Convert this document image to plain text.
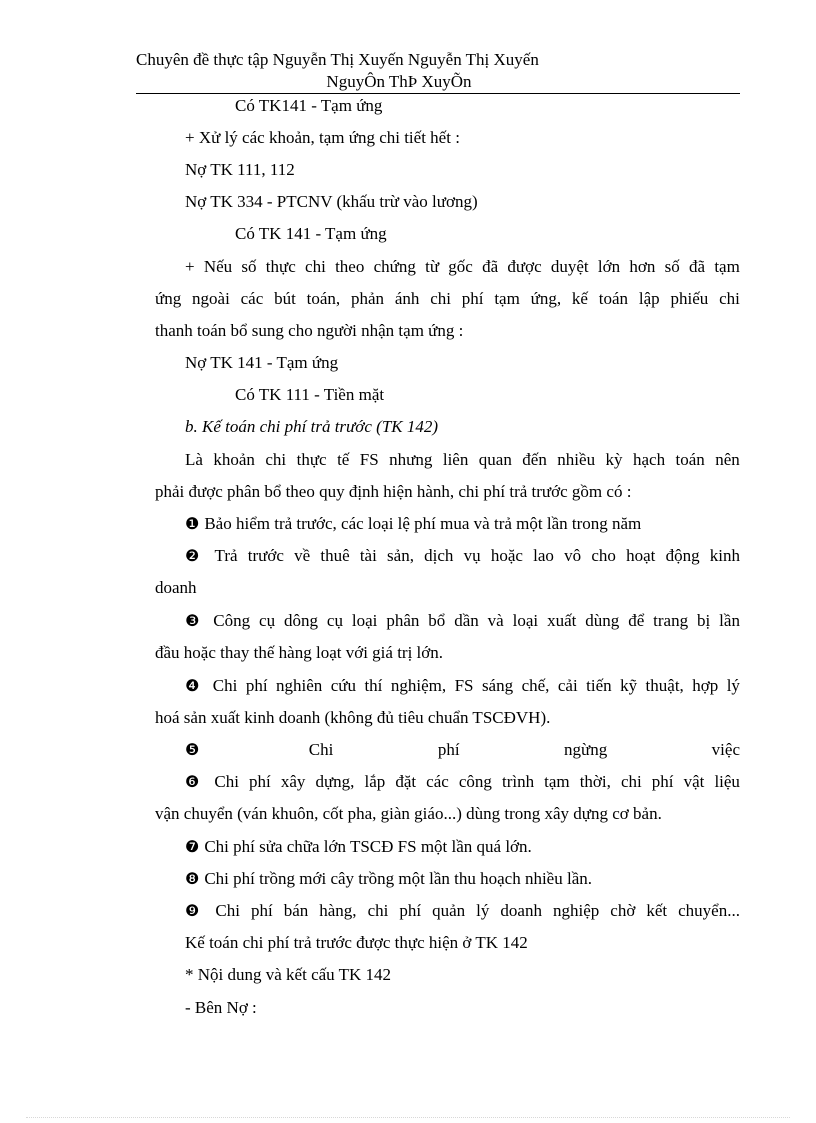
Chuyên đề thực tập Nguyễn Thị Xuyến Nguyễn Thị Xuyến
NguyÔn ThÞ XuyÕn
Có TK141 - Tạm ứng
+ Xử lý các khoản, tạm ứng chi tiết hết :
Nợ TK 111, 112
Nợ TK 334 - PTCNV (khấu trừ vào lương)
Có TK 141 - Tạm ứng
+ Nếu số thực chi theo chứng từ gốc đã được duyệt lớn hơn số đã tạm
ứng ngoài các bút toán, phản ánh chi phí tạm ứng, kế toán lập phiếu chi
thanh toán bổ sung cho người nhận tạm ứng :
Nợ TK 141 - Tạm ứng
Có TK 111 - Tiền mặt
b. Kế toán chi phí trả trước (TK 142)
Là khoản chi thực tế FS nhưng liên quan đến nhiều kỳ hạch toán nên
phải được phân bổ theo quy định hiện hành, chi phí trả trước gồm có :
❶ Bảo hiểm trả trước, các loại lệ phí mua và trả một lần trong năm
❷ Trả trước về thuê tài sản, dịch vụ hoặc lao vô cho hoạt động kinh
doanh
❸ Công cụ dông cụ loại phân bổ dần và loại xuất dùng để trang bị lần
đầu hoặc thay thế hàng loạt với giá trị lớn.
❹ Chi phí nghiên cứu thí nghiệm, FS sáng chế, cải tiến kỹ thuật, hợp lý
hoá sản xuất kinh doanh (không đủ tiêu chuẩn TSCĐVH).
❺	Chi	phí	ngừng	việc
❻ Chi phí xây dựng, lắp đặt các công trình tạm thời, chi phí vật liệu
vận chuyển (ván khuôn, cốt pha, giàn giáo...) dùng trong xây dựng cơ bản.
❼ Chi phí sửa chữa lớn TSCĐ FS một lần quá lớn.
❽ Chi phí trồng mới cây trồng một lần thu hoạch nhiều lần.
❾ Chi phí bán hàng, chi phí quản lý doanh nghiệp chờ kết chuyển...
Kế toán chi phí trả trước được thực hiện ở TK 142
* Nội dung và kết cấu TK 142
- Bên Nợ :
